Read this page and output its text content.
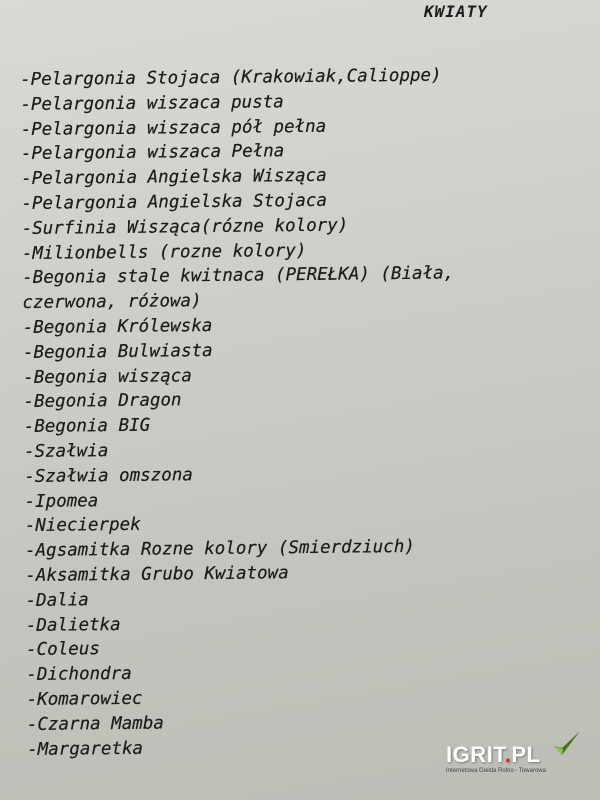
KWIATY
-Pelargonia Stojaca (Krakowiak,Calioppe)
-Pelargonia wiszaca pusta
-Pelargonia wiszaca pół pełna
-Pelargonia wiszaca Pełna
-Pelargonia Angielska Wisząca
-Pelargonia Angielska Stojaca
-Surfinia Wisząca(rózne kolory)
-Milionbells (rozne kolory)
-Begonia stale kwitnaca (PEREŁKA) (Biała,
czerwona, różowa)
-Begonia Królewska
-Begonia Bulwiasta
-Begonia wisząca
-Begonia Dragon
-Begonia BIG
-Szałwia
-Szałwia omszona
-Ipomea
-Niecierpek
-Agsamitka Rozne kolory (Smierdziuch)
-Aksamitka Grubo Kwiatowa
-Dalia
-Dalietka
-Coleus
-Dichondra
-Komarowiec
-Czarna Mamba
-Margaretka	IGRIT.PL
Internetowa Giełda Rolno - Towarowa
